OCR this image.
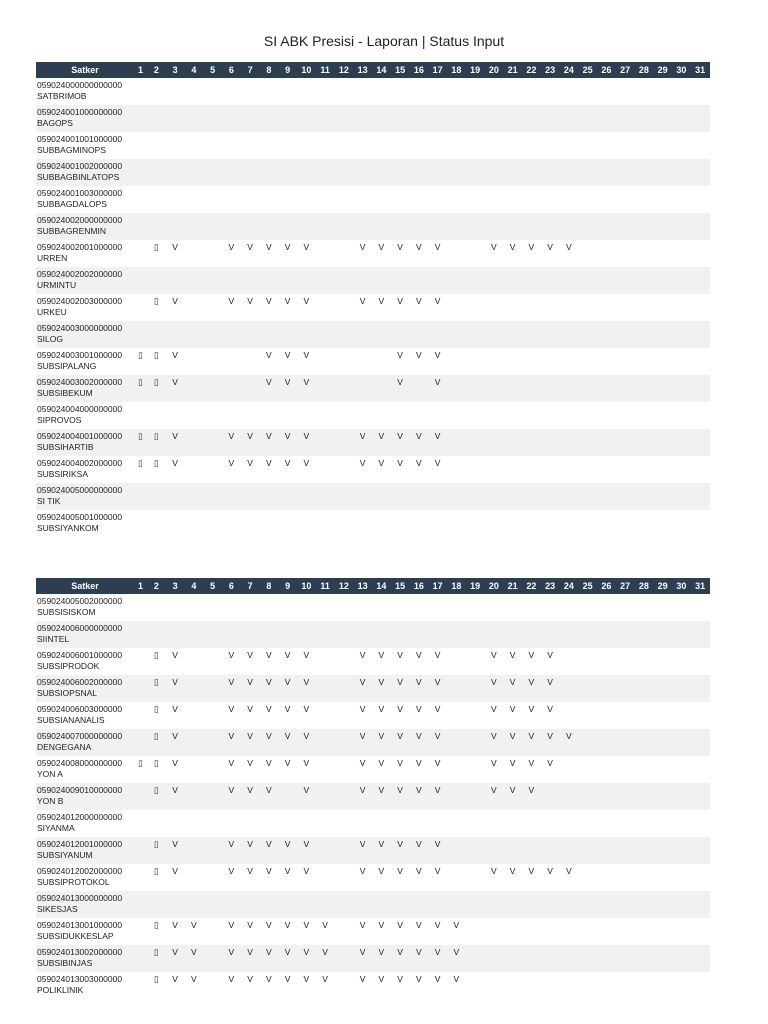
SI ABK Presisi - Laporan | Status Input
Satker	1	2	3	4	5	6	7	8	9	10	11	12	13	14	15	16	17	18	19	20	21	22	23	24	25	26	27	28	29	30	31

059024000000000000
SATBRIMOB																															

059024001000000000
BAGOPS																															

059024001001000000
SUBBAGMINOPS																															

059024001002000000
SUBBAGBINLATOPS																															

059024001003000000
SUBBAGDALOPS																															

059024002000000000
SUBBAGRENMIN																															

059024002001000000
URREN		▯	V			V	V	V	V	V			V	V	V	V	V			V	V	V	V	V							

059024002002000000
URMINTU																															

059024002003000000
URKEU		▯	V			V	V	V	V	V			V	V	V	V	V														

059024003000000000
SILOG																															

059024003001000000
SUBSIPALANG	▯	▯	V					V	V	V					V	V	V														

059024003002000000
SUBSIBEKUM	▯	▯	V					V	V	V					V		V														

059024004000000000
SIPROVOS																															

059024004001000000
SUBSIHARTIB	▯	▯	V			V	V	V	V	V			V	V	V	V	V														

059024004002000000
SUBSIRIKSA	▯	▯	V			V	V	V	V	V			V	V	V	V	V														

059024005000000000
SI TIK																															

059024005001000000
SUBSIYANKOM																															

Satker	1	2	3	4	5	6	7	8	9	10	11	12	13	14	15	16	17	18	19	20	21	22	23	24	25	26	27	28	29	30	31

059024005002000000
SUBSISISKOM																															

059024006000000000
SIINTEL																															

059024006001000000
SUBSIPRODOK		▯	V			V	V	V	V	V			V	V	V	V	V			V	V	V	V								

059024006002000000
SUBSIOPSNAL		▯	V			V	V	V	V	V			V	V	V	V	V			V	V	V	V								

059024006003000000
SUBSIANANALIS		▯	V			V	V	V	V	V			V	V	V	V	V			V	V	V	V								

059024007000000000
DENGEGANA		▯	V			V	V	V	V	V			V	V	V	V	V			V	V	V	V	V							

059024008000000000
YON A	▯	▯	V			V	V	V	V	V			V	V	V	V	V			V	V	V	V								

059024009010000000
YON B		▯	V			V	V	V		V			V	V	V	V	V			V	V	V									

059024012000000000
SIYANMA																															

059024012001000000
SUBSIYANUM		▯	V			V	V	V	V	V			V	V	V	V	V														

059024012002000000
SUBSIPROTOKOL		▯	V			V	V	V	V	V			V	V	V	V	V			V	V	V	V	V							

059024013000000000
SIKESJAS																															

059024013001000000
SUBSIDUKKESLAP		▯	V	V		V	V	V	V	V	V		V	V	V	V	V	V													

059024013002000000
SUBSIBINJAS		▯	V	V		V	V	V	V	V	V		V	V	V	V	V	V													

059024013003000000
POLIKLINIK		▯	V	V		V	V	V	V	V	V		V	V	V	V	V	V													
